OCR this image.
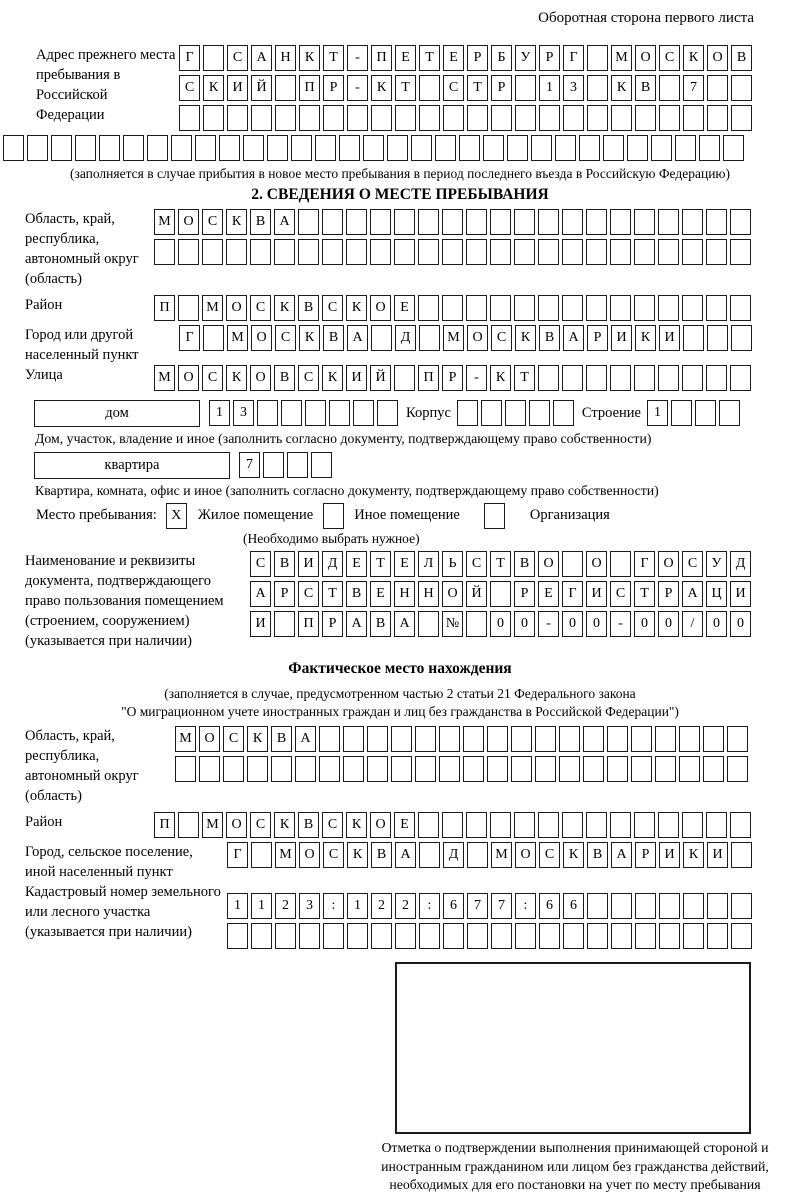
Оборотная сторона первого листа
Адрес прежнего места пребывания в Российской Федерации
Г	С	А Н	К	Т	-	П	Е	Т	Е	Р	Б	У	Р	Г	М О	С	К	О	В
С	К	И Й	П	Р	-	К	Т	С	Т	Р	1	3	К	В	7
(заполняется в случае прибытия в новое место пребывания в период последнего въезда в Российскую Федерацию)
2. СВЕДЕНИЯ О МЕСТЕ ПРЕБЫВАНИЯ
Область, край, республика, автономный округ (область)
М О	С	К	В	А
Район	П	М О	С	К	В	С	К	О	Е
Город или другой населенный пункт
Г	М О	С	К	В	А	Д	М О	С	К	В	А	Р	И	К	И
Улица	М О	С	К	О	В	С	К	И Й	П	Р	-	К	Т
дом	1	3	Корпус	Строение 1
Дом, участок, владение и иное (заполнить согласно документу, подтверждающему право собственности)
квартира	7
Квартира, комната, офис и иное (заполнить согласно документу, подтверждающему право собственности)
Место пребывания:	X	Жилое помещение	Иное помещение	Организация
(Необходимо выбрать нужное)
Наименование и реквизиты документа, подтверждающего право пользования помещением (строением, сооружением) (указывается при наличии)
С	В	И	Д	Е	Т	Е	Л	Ь	С	Т	В	О	О	Г	О	С	У	Д
А	Р	С	Т	В	Е	Н Н О Й	Р	Е	Г	И	С	Т	Р	А Ц И
И	П	Р	А	В	А	№	0	0	-	0	0	-	0	0	/	0	0
Фактическое место нахождения
(заполняется в случае, предусмотренном частью 2 статьи 21 Федерального закона
"О миграционном учете иностранных граждан и лиц без гражданства в Российской Федерации")
Область, край, республика, автономный округ (область)
М О	С	К	В	А
Район	П	М О	С	К	В	С	К	О	Е
Город, сельское поселение, иной населенный пункт
Г	М О	С	К	В	А	Д	М О	С	К	В	А	Р	И	К	И
Кадастровый номер земельного или лесного участка (указывается при наличии)
1	1	2	3	:	1	2	2	:	6	7	7	:	6	6
Отметка о подтверждении выполнения принимающей стороной и иностранным гражданином или лицом без гражданства действий, необходимых для его постановки на учет по месту пребывания
